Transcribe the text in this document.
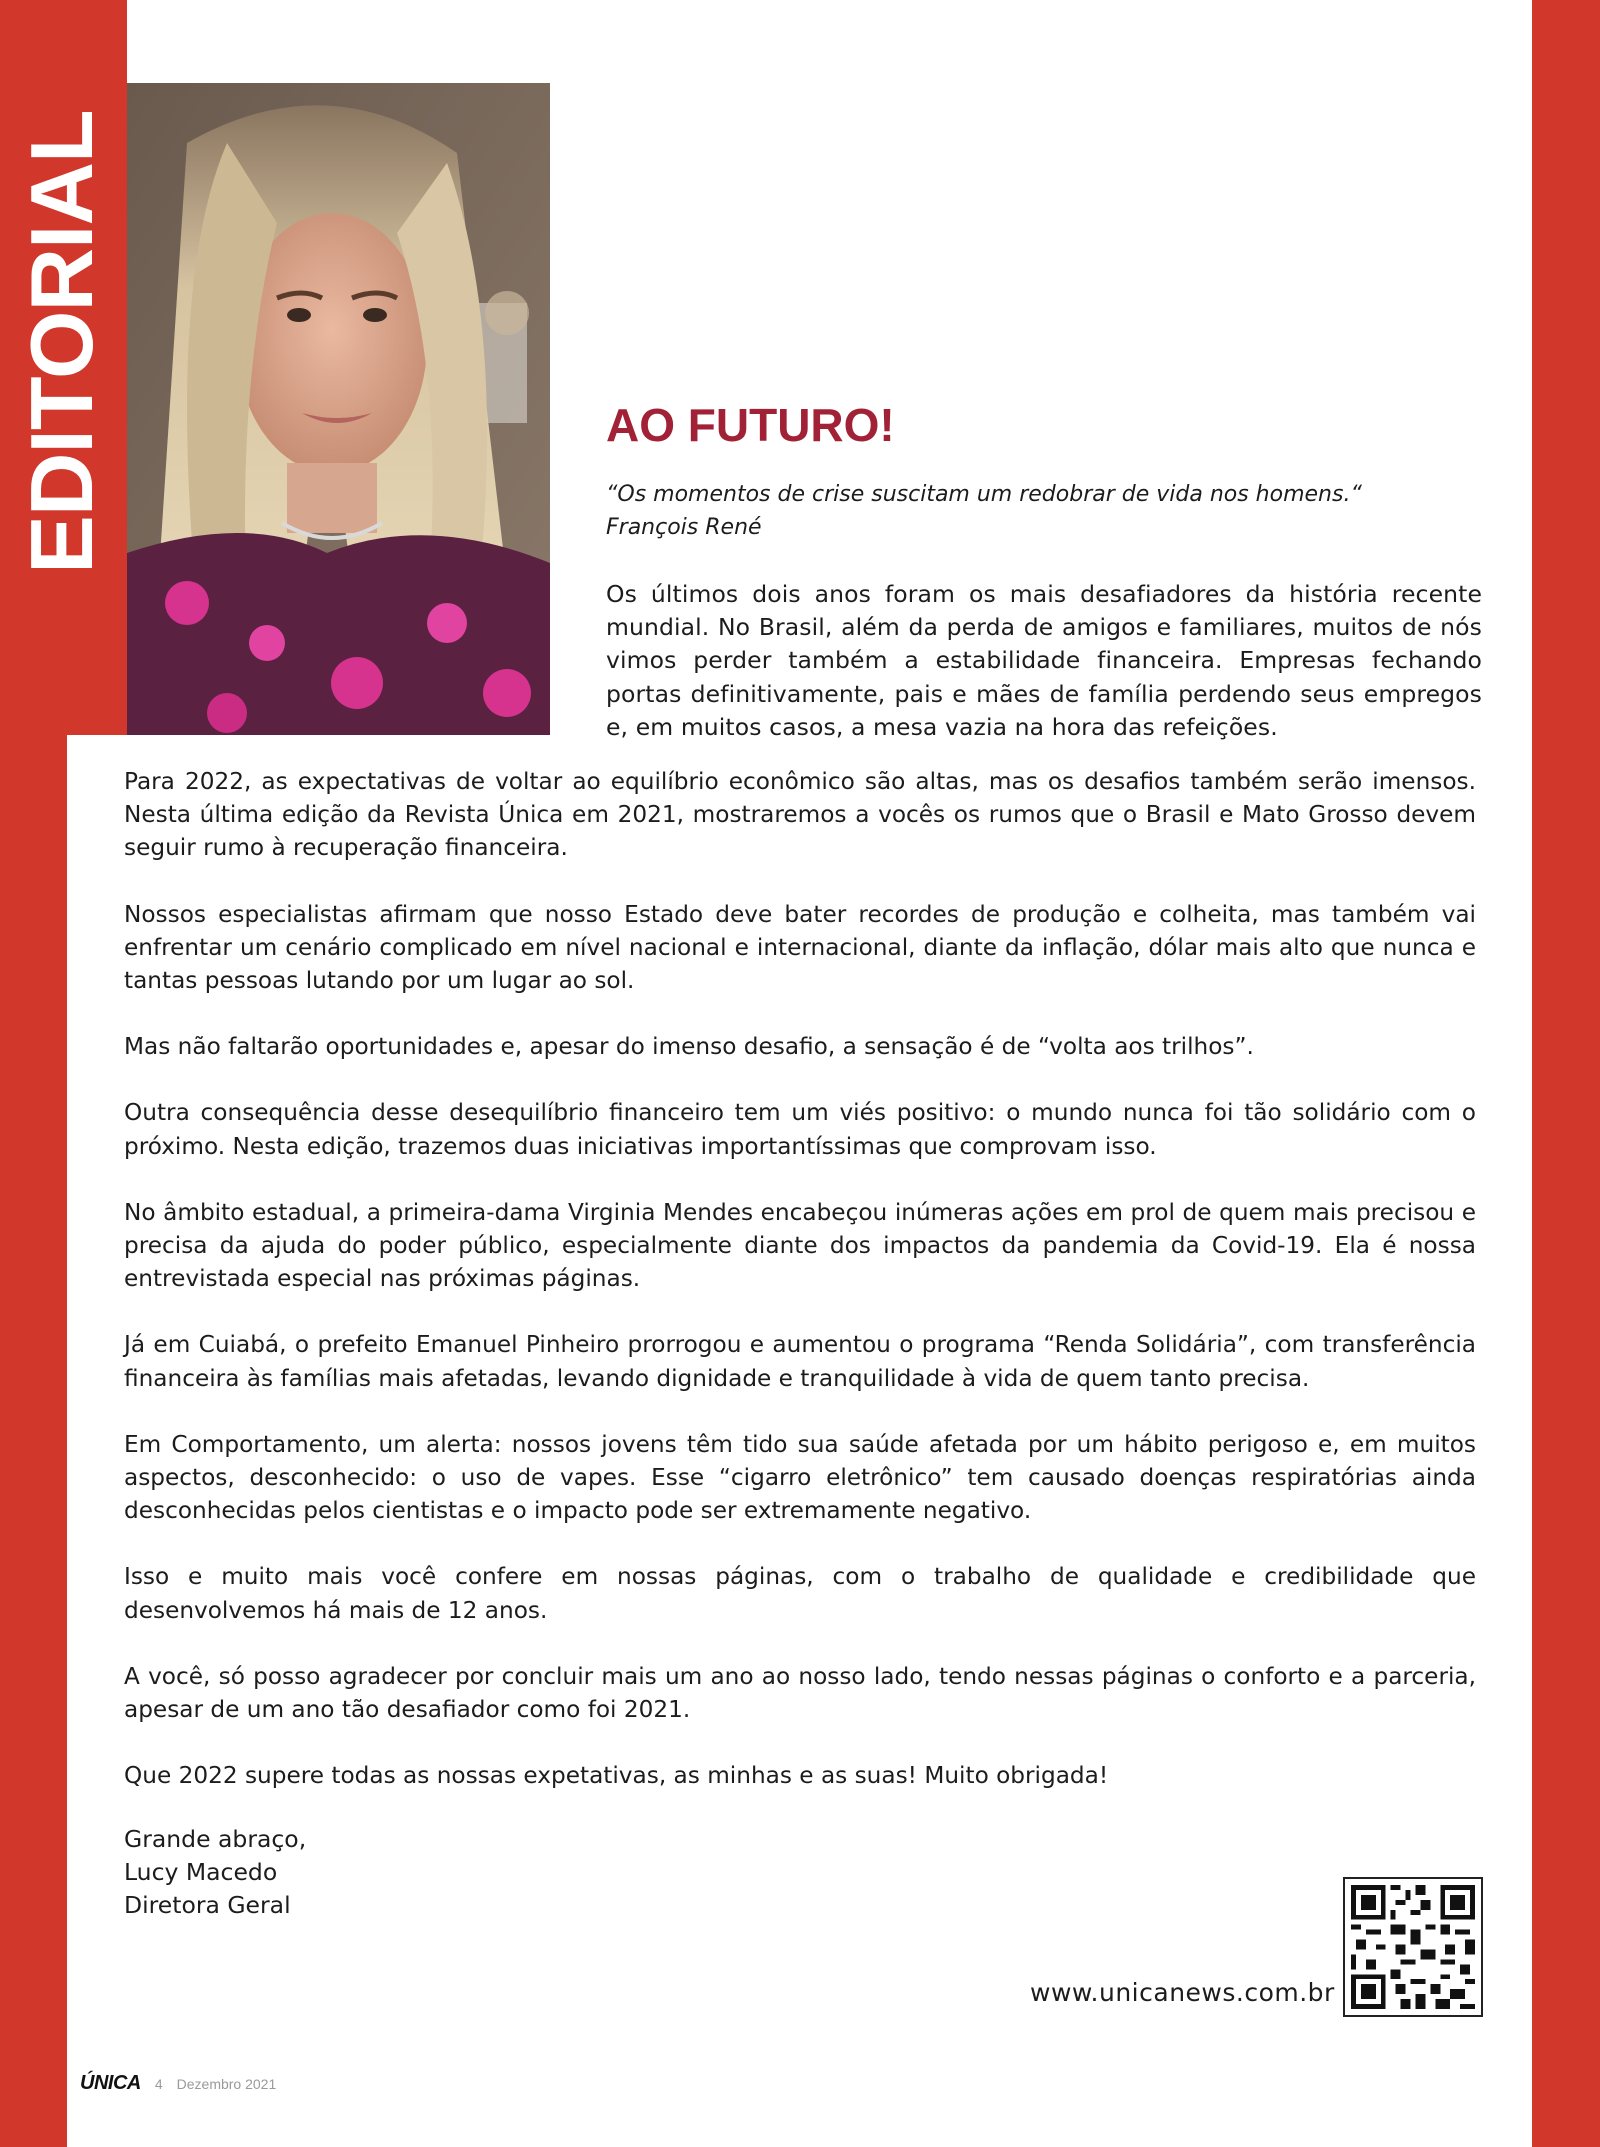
EDITORIAL	AO FUTURO!
“Os momentos de crise suscitam um redobrar de vida nos homens.“
François René

Os últimos dois anos foram os mais desafiadores da história recente mundial. No Brasil, além da perda de amigos e familiares, muitos de nós vimos perder também a estabilidade financeira. Empresas fechando portas definitivamente, pais e mães de família perdendo seus empregos e, em muitos casos, a mesa vazia na hora das refeições.

Para 2022, as expectativas de voltar ao equilíbrio econômico são altas, mas os desafios também serão imensos. Nesta última edição da Revista Única em 2021, mostraremos a vocês os rumos que o Brasil e Mato Grosso devem seguir rumo à recuperação financeira.

Nossos especialistas afirmam que nosso Estado deve bater recordes de produção e colheita, mas também vai enfrentar um cenário complicado em nível nacional e internacional, diante da inflação, dólar mais alto que nunca e tantas pessoas lutando por um lugar ao sol.

Mas não faltarão oportunidades e, apesar do imenso desafio, a sensação é de “volta aos trilhos”.

Outra consequência desse desequilíbrio financeiro tem um viés positivo: o mundo nunca foi tão solidário com o próximo. Nesta edição, trazemos duas iniciativas importantíssimas que comprovam isso.

No âmbito estadual, a primeira-dama Virginia Mendes encabeçou inúmeras ações em prol de quem mais precisou e precisa da ajuda do poder público, especialmente diante dos impactos da pandemia da Covid-19. Ela é nossa entrevistada especial nas próximas páginas.

Já em Cuiabá, o prefeito Emanuel Pinheiro prorrogou e aumentou o programa “Renda Solidária”, com transferência financeira às famílias mais afetadas, levando dignidade e tranquilidade à vida de quem tanto precisa.

Em Comportamento, um alerta: nossos jovens têm tido sua saúde afetada por um hábito perigoso e, em muitos aspectos, desconhecido: o uso de vapes. Esse “cigarro eletrônico” tem causado doenças respiratórias ainda desconhecidas pelos cientistas e o impacto pode ser extremamente negativo.

Isso e muito mais você confere em nossas páginas, com o trabalho de qualidade e credibilidade que desenvolvemos há mais de 12 anos.

A você, só posso agradecer por concluir mais um ano ao nosso lado, tendo nessas páginas o conforto e a parceria, apesar de um ano tão desafiador como foi 2021.

Que 2022 supere todas as nossas expetativas, as minhas e as suas! Muito obrigada!

Grande abraço,
Lucy Macedo
Diretora Geral
www.unicanews.com.br
ÚNICA 4 Dezembro 2021
